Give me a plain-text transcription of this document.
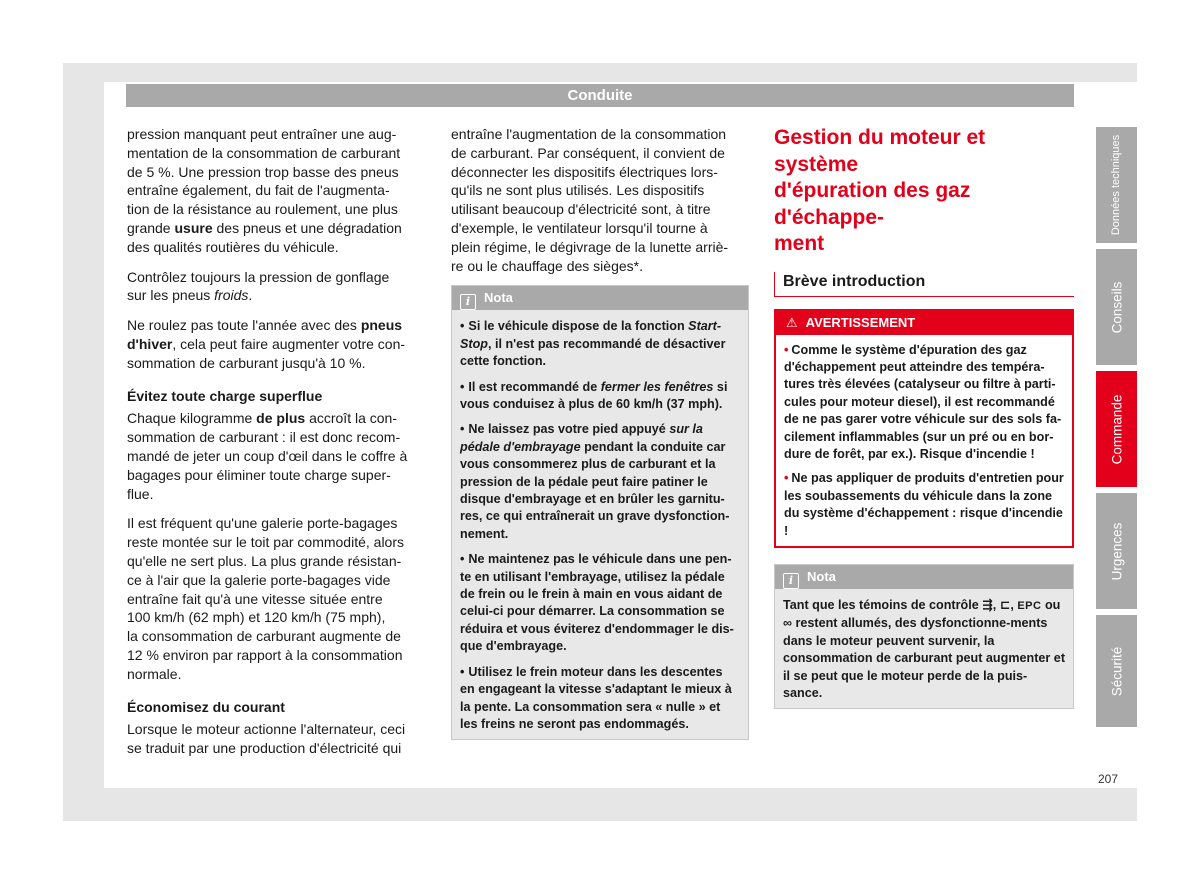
Conduite

pression manquant peut entraîner une aug-
mentation de la consommation de carburant
de 5 %. Une pression trop basse des pneus
entraîne également, du fait de l'augmenta-
tion de la résistance au roulement, une plus
grande usure des pneus et une dégradation
des qualités routières du véhicule.

Contrôlez toujours la pression de gonflage
sur les pneus froids.

Ne roulez pas toute l'année avec des pneus d'hiver, cela peut faire augmenter votre con-
sommation de carburant jusqu'à 10 %.

Évitez toute charge superflue

Chaque kilogramme de plus accroît la con-
sommation de carburant : il est donc recom-
mandé de jeter un coup d'œil dans le coffre à
bagages pour éliminer toute charge super-
flue.

Il est fréquent qu'une galerie porte-bagages
reste montée sur le toit par commodité, alors
qu'elle ne sert plus. La plus grande résistan-
ce à l'air que la galerie porte-bagages vide
entraîne fait qu'à une vitesse située entre
100 km/h (62 mph) et 120 km/h (75 mph),
la consommation de carburant augmente de
12 % environ par rapport à la consommation
normale.

Économisez du courant

Lorsque le moteur actionne l'alternateur, ceci
se traduit par une production d'électricité qui

entraîne l'augmentation de la consommation
de carburant. Par conséquent, il convient de
déconnecter les dispositifs électriques lors-
qu'ils ne sont plus utilisés. Les dispositifs
utilisant beaucoup d'électricité sont, à titre
d'exemple, le ventilateur lorsqu'il tourne à
plein régime, le dégivrage de la lunette arriè-
re ou le chauffage des sièges*.

i Nota

• Si le véhicule dispose de la fonction Start-Stop, il n'est pas recommandé de désactiver cette fonction.

• Il est recommandé de fermer les fenêtres si vous conduisez à plus de 60 km/h (37 mph).

• Ne laissez pas votre pied appuyé sur la pédale d'embrayage pendant la conduite car vous consommerez plus de carburant et la pression de la pédale peut faire patiner le disque d'embrayage et en brûler les garnitu-res, ce qui entraînerait un grave dysfonction-nement.

• Ne maintenez pas le véhicule dans une pen-te en utilisant l'embrayage, utilisez la pédale de frein ou le frein à main en vous aidant de celui-ci pour démarrer. La consommation se réduira et vous éviterez d'endommager le dis-que d'embrayage.

• Utilisez le frein moteur dans les descentes en engageant la vitesse s'adaptant le mieux à la pente. La consommation sera « nulle » et les freins ne seront pas endommagés.

Gestion du moteur et système
d'épuration des gaz d'échappe-
ment
Brève introduction
⚠ AVERTISSEMENT

• Comme le système d'épuration des gaz d'échappement peut atteindre des tempéra-tures très élevées (catalyseur ou filtre à parti-cules pour moteur diesel), il est recommandé de ne pas garer votre véhicule sur des sols fa-cilement inflammables (sur un pré ou en bor-dure de forêt, par ex.). Risque d'incendie !

• Ne pas appliquer de produits d'entretien pour les soubassements du véhicule dans la zone du système d'échappement : risque d'incendie !

i Nota

Tant que les témoins de contrôle ⇶, ⊏, EPC ou ∞ restent allumés, des dysfonctionne-ments dans le moteur peuvent survenir, la consommation de carburant peut augmenter et il se peut que le moteur perde de la puis-sance.

Données techniques
Conseils
Commande
Urgences
Sécurité
207
